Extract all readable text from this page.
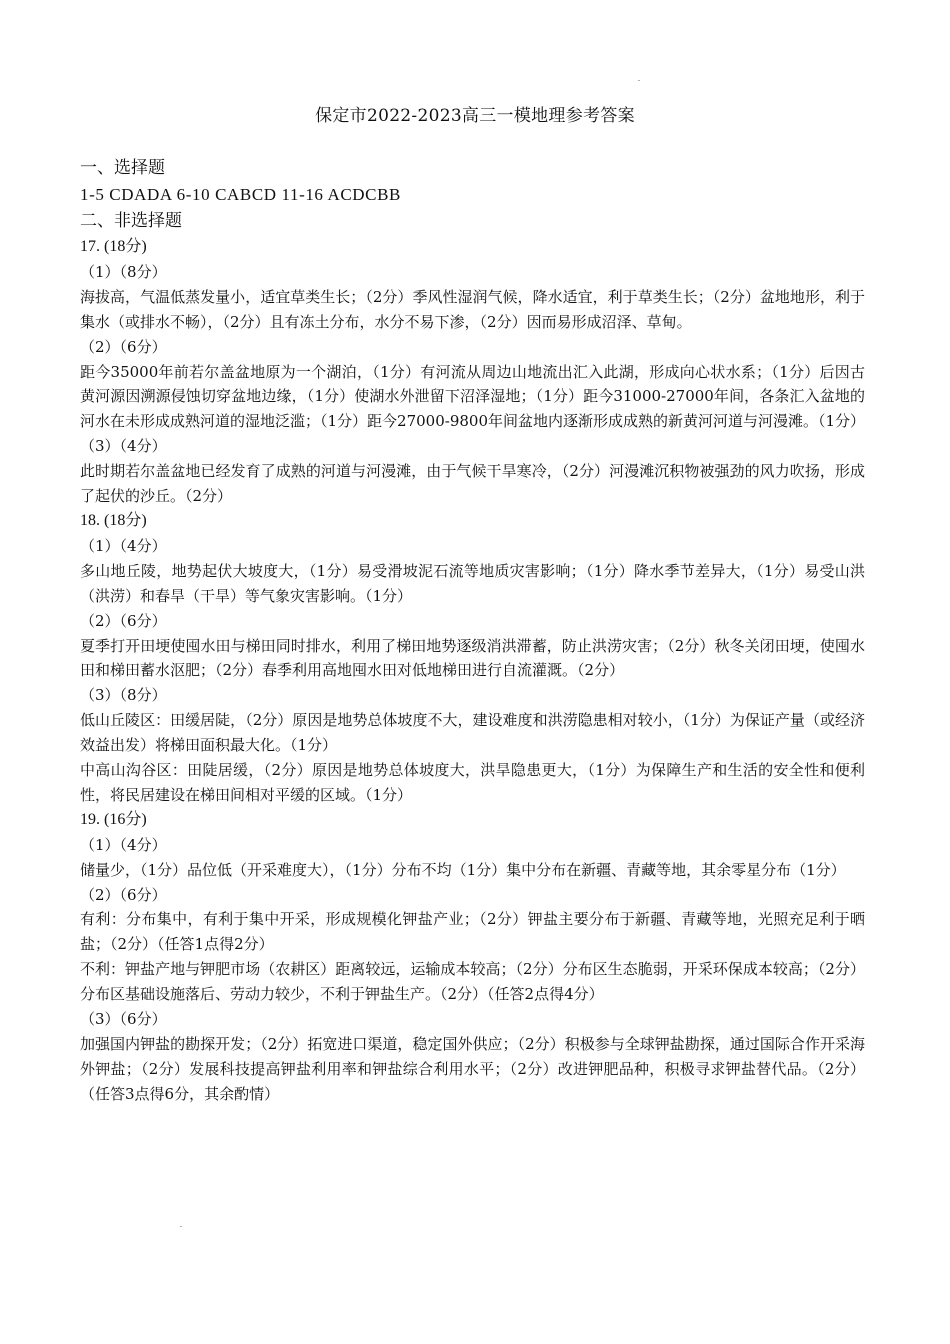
保定市2022-2023高三一模地理参考答案

一、选择题

1-5 CDADA 6-10 CABCD 11-16 ACDCBB

二、非选择题

17. (18分)

（1）（8分）

海拔高，气温低蒸发量小，适宜草类生长；（2分）季风性湿润气候，降水适宜，利于草类生长；（2分）盆地地形，利于集水（或排水不畅），（2分）且有冻土分布，水分不易下渗，（2分）因而易形成沼泽、草甸。

（2）（6分）

距今35000年前若尔盖盆地原为一个湖泊，（1分）有河流从周边山地流出汇入此湖，形成向心状水系；（1分）后因古黄河源因溯源侵蚀切穿盆地边缘，（1分）使湖水外泄留下沼泽湿地；（1分）距今31000-27000年间，各条汇入盆地的河水在未形成成熟河道的湿地泛滥；（1分）距今27000-9800年间盆地内逐渐形成成熟的新黄河河道与河漫滩。（1分）

（3）（4分）

此时期若尔盖盆地已经发育了成熟的河道与河漫滩，由于气候干旱寒冷，（2分）河漫滩沉积物被强劲的风力吹扬，形成了起伏的沙丘。（2分）

18. (18分)

（1）（4分）

多山地丘陵，地势起伏大坡度大，（1分）易受滑坡泥石流等地质灾害影响；（1分）降水季节差异大，（1分）易受山洪（洪涝）和春旱（干旱）等气象灾害影响。（1分）

（2）（6分）

夏季打开田埂使囤水田与梯田同时排水，利用了梯田地势逐级消洪滞蓄，防止洪涝灾害；（2分）秋冬关闭田埂，使囤水田和梯田蓄水沤肥；（2分）春季利用高地囤水田对低地梯田进行自流灌溉。（2分）

（3）（8分）

低山丘陵区：田缓居陡，（2分）原因是地势总体坡度不大，建设难度和洪涝隐患相对较小，（1分）为保证产量（或经济效益出发）将梯田面积最大化。（1分）

中高山沟谷区：田陡居缓，（2分）原因是地势总体坡度大，洪旱隐患更大，（1分）为保障生产和生活的安全性和便利性，将民居建设在梯田间相对平缓的区域。（1分）

19. (16分)

（1）（4分）

储量少，（1分）品位低（开采难度大），（1分）分布不均（1分）集中分布在新疆、青藏等地，其余零星分布（1分）

（2）（6分）

有利：分布集中，有利于集中开采，形成规模化钾盐产业；（2分）钾盐主要分布于新疆、青藏等地，光照充足利于晒盐；（2分）（任答1点得2分）

不利：钾盐产地与钾肥市场（农耕区）距离较远，运输成本较高；（2分）分布区生态脆弱，开采环保成本较高；（2分）分布区基础设施落后、劳动力较少，不利于钾盐生产。（2分）（任答2点得4分）

（3）（6分）

加强国内钾盐的勘探开发；（2分）拓宽进口渠道，稳定国外供应；（2分）积极参与全球钾盐勘探，通过国际合作开采海外钾盐；（2分）发展科技提高钾盐利用率和钾盐综合利用水平；（2分）改进钾肥品种，积极寻求钾盐替代品。（2分）（任答3点得6分，其余酌情）
